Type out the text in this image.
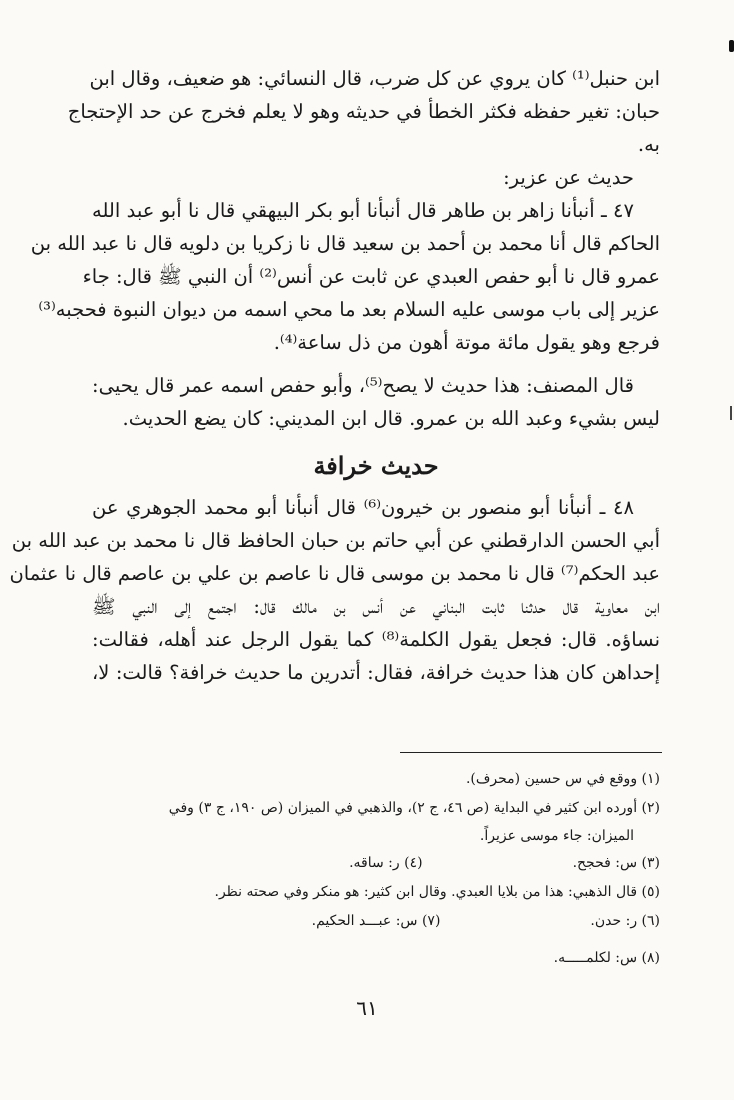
ابن حنبل⁽¹⁾ كان يروي عن كل ضرب، قال النسائي: هو ضعيف، وقال ابن
حبان: تغير حفظه فكثر الخطأ في حديثه وهو لا يعلم فخرج عن حد الإحتجاج
به.
حديث عن عزير:
٤٧ ـ أنبأنا زاهر بن طاهر قال أنبأنا أبو بكر البيهقي قال نا أبو عبد الله
الحاكم قال أنا محمد بن أحمد بن سعيد قال نا زكريا بن دلويه قال نا عبد الله بن
عمرو قال نا أبو حفص العبدي عن ثابت عن أنس⁽²⁾ أن النبي ﷺ قال: جاء
عزير إلى باب موسى عليه السلام بعد ما محي اسمه من ديوان النبوة فحجبه⁽³⁾
فرجع وهو يقول مائة موتة أهون من ذل ساعة⁽⁴⁾.
قال المصنف: هذا حديث لا يصح⁽⁵⁾، وأبو حفص اسمه عمر قال يحيى:
ليس بشيء وعبد الله بن عمرو. قال ابن المديني: كان يضع الحديث.
حديث خرافة
٤٨ ـ أنبأنا أبو منصور بن خيرون⁽⁶⁾ قال أنبأنا أبو محمد الجوهري عن
أبي الحسن الدارقطني عن أبي حاتم بن حبان الحافظ قال نا محمد بن عبد الله بن
عبد الحكم⁽⁷⁾ قال نا محمد بن موسى قال نا عاصم بن علي بن عاصم قال نا عثمان
ابن معاوية قال حدثنا ثابت البناني عن أنس بن مالك قال: اجتمع إلى النبي ﷺ
نساؤه. قال: فجعل يقول الكلمة⁽⁸⁾ كما يقول الرجل عند أهله، فقالت:
إحداهن كان هذا حديث خرافة، فقال: أتدرين ما حديث خرافة؟ قالت: لا،
(١) ووقع في س حسين (محرف).
(٢) أورده ابن كثير في البداية (ص ٤٦، ج ٢)، والذهبي في الميزان (ص ١٩٠، ج ٣) وفي
الميزان: جاء موسى عزيراً.
(٣) س: فحجح.
(٤) ر: ساقه.
(٥) قال الذهبي: هذا من بلايا العبدي. وقال ابن كثير: هو منكر وفي صحته نظر.
(٦) ر: حدن.
(٧) س: عبـــد الحكيم.
(٨) س: لكلمـــــه.
٦١
